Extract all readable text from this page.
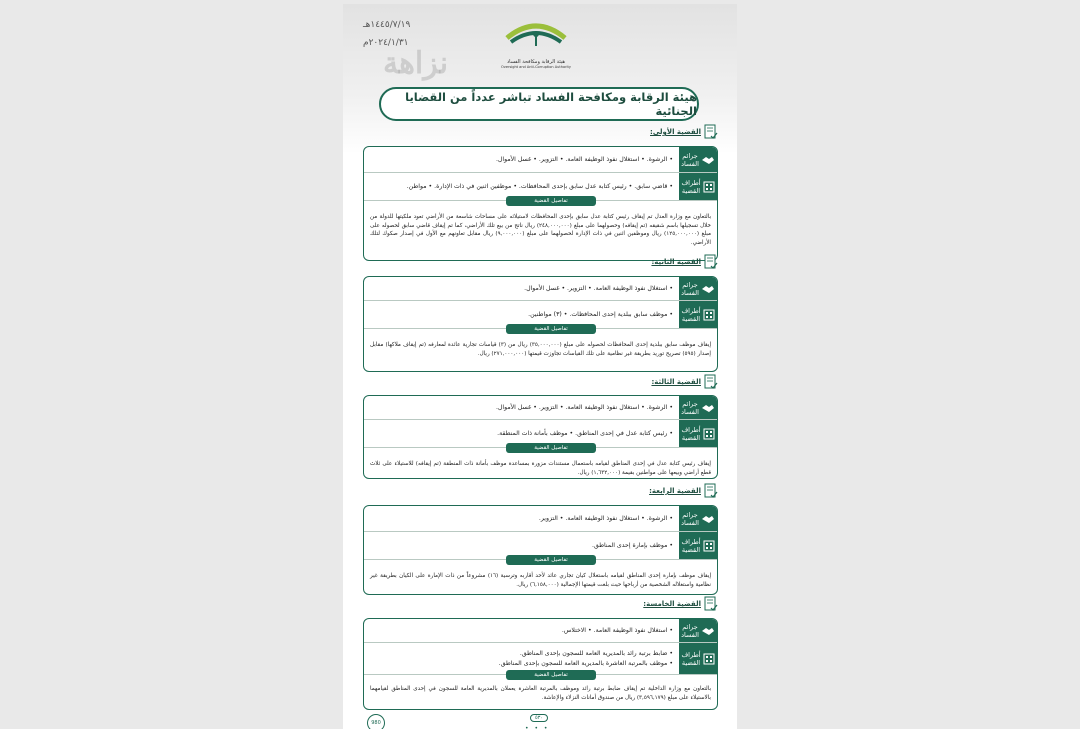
نزاهة
١٤٤٥/٧/١٩هـ
٢٠٢٤/١/٣١م
هيئة الرقابة ومكافحة الفساد
Oversight and Anti-Corruption Authority
هيئة الرقابة ومكافحة الفساد تباشر عدداً من القضايا الجنائية
القضية الأولى:
جرائم الفساد
• الرشوة. • استغلال نفوذ الوظيفة العامة. • التزوير. • غسل الأموال.
أطراف القضية
• قاضي سابق. • رئيس كتابة عدل سابق بإحدى المحافظات. • موظفين اثنين في ذات الإدارة. • مواطن.
تفاصيل القضية
بالتعاون مع وزارة العدل تم إيقاف رئيس كتابة عدل سابق بإحدى المحافظات لاستيلائه على مساحات شاسعة من الأراضي تعود ملكيتها للدولة من خلال تسجيلها باسم شقيقه (تم إيقافه) وحصولهما على مبلغ (٢٤٨,٠٠٠,٠٠٠) ريال ناتج من بيع تلك الأراضي، كما تم إيقاف قاضي سابق لحصوله على مبلغ (١٢٥,٠٠٠,٠٠٠) ريال وموظفين اثنين في ذات الإدارة لحصولهما على مبلغ (٩,٠٠٠,٠٠٠) ريال مقابل تعاونهم مع الأول في إصدار صكوك لتلك الأراضي.
القضية الثانية:
جرائم الفساد
• استغلال نفوذ الوظيفة العامة. • التزوير. • غسل الأموال.
أطراف القضية
• موظف سابق ببلدية إحدى المحافظات. • (٣) مواطنين.
تفاصيل القضية
إيقاف موظف سابق ببلدية إحدى المحافظات لحصوله على مبلغ (٣٥,٠٠٠,٠٠٠) ريال من (٣) قياسات تجارية عائدة لمعارفه (تم إيقاف ملاكها) مقابل إصدار (٥٩٥) تصريح توريد بطريقة غير نظامية على تلك القياسات تجاوزت قيمتها (٢٧١,٠٠٠,٠٠٠) ريال.
القضية الثالثة:
جرائم الفساد
• الرشوة. • استغلال نفوذ الوظيفة العامة. • التزوير. • غسل الأموال.
أطراف القضية
• رئيس كتابة عدل في إحدى المناطق. • موظف بأمانة ذات المنطقة.
تفاصيل القضية
إيقاف رئيس كتابة عدل في إحدى المناطق لقيامه باستعمال مستندات مزورة بمساعدة موظف بأمانة ذات المنطقة (تم إيقافه) للاستيلاء على ثلاث قطع أراضي وبيعها على مواطنين بقيمة (١,٦٣٢,٠٠٠) ريال.
القضية الرابعة:
جرائم الفساد
• الرشوة. • استغلال نفوذ الوظيفة العامة. • التزوير.
أطراف القضية
• موظف بإمارة إحدى المناطق.
تفاصيل القضية
إيقاف موظف بإمارة إحدى المناطق لقيامه باستغلال كيان تجاري عائد لأحد أقاربه وترسية (١٦) مشروعاً من ذات الإمارة على الكيان بطريقة غير نظامية واستغلاله الشخصية من أرباحها حيث بلغت قيمتها الإجمالية (٦,١٥٨,٠٠٠) ريال.
القضية الخامسة:
جرائم الفساد
• استغلال نفوذ الوظيفة العامة. • الاختلاس.
أطراف القضية
• ضابط برتبة رائد بالمديرية العامة للسجون بإحدى المناطق.
• موظف بالمرتبة العاشرة بالمديرية العامة للسجون بإحدى المناطق.
تفاصيل القضية
بالتعاون مع وزارة الداخلية تم إيقاف ضابط برتبة رائد وموظف بالمرتبة العاشرة يعملان بالمديرية العامة للسجون في إحدى المناطق لقيامهما بالاستيلاء على مبلغ (٣,٥٩٦,١٧٩) ريال من صندوق أمانات النزلاء والإعاشة.
980
٥٣٠
• • •
